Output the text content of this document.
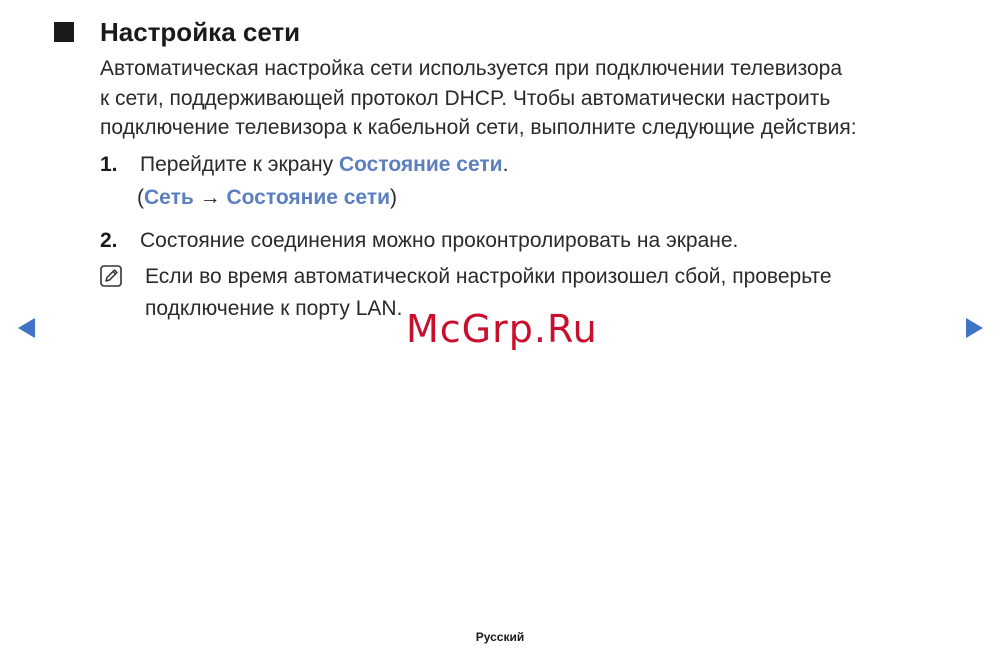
Настройка сети

Автоматическая настройка сети используется при подключении телевизора
к сети, поддерживающей протокол DHCP. Чтобы автоматически настроить
подключение телевизора к кабельной сети, выполните следующие действия:

1. Перейдите к экрану Состояние сети.
(Сеть → Состояние сети)
2. Состояние соединения можно проконтролировать на экране.

Если во время автоматической настройки произошел сбой, проверьте
подключение к порту LAN. McGrp.Ru
Русский
